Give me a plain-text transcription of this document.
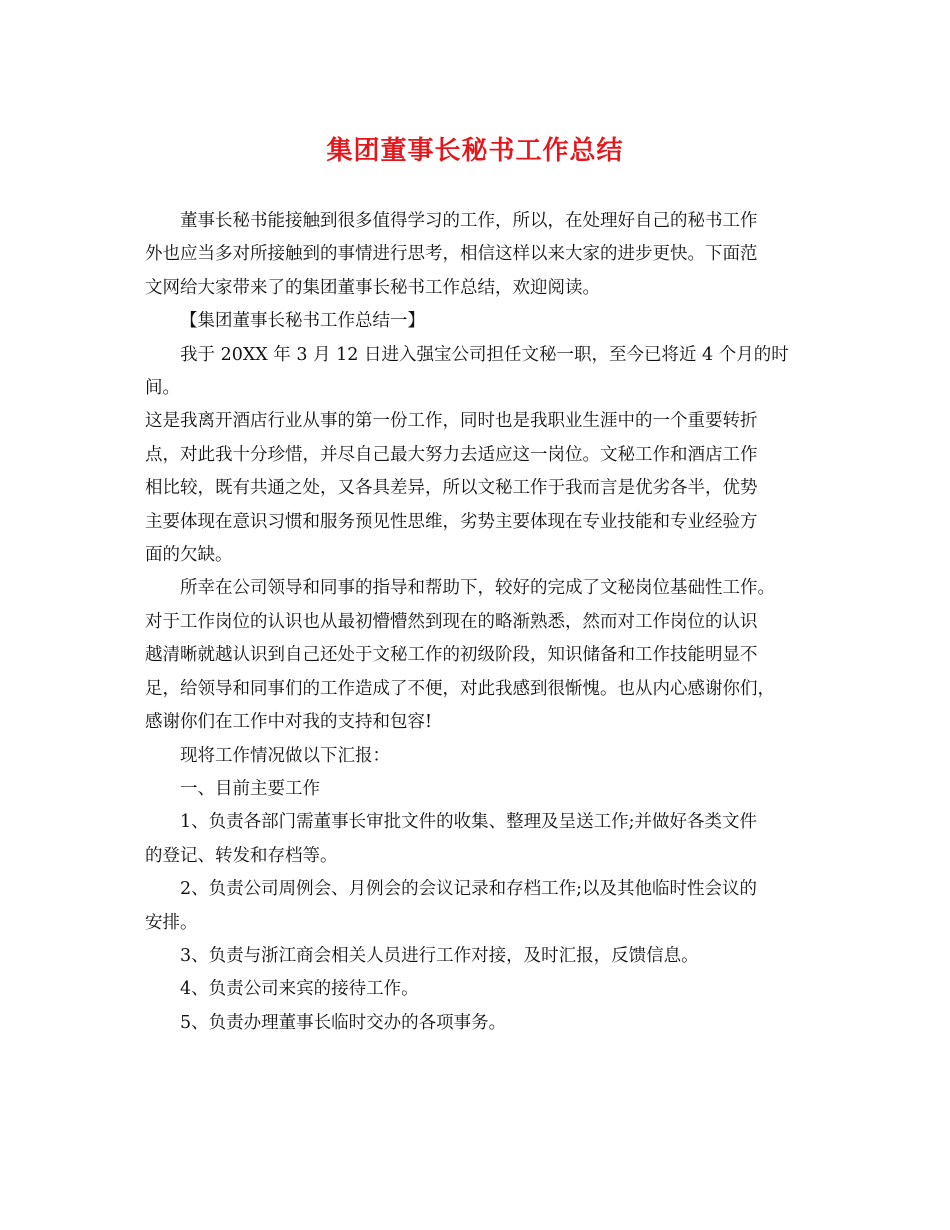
集团董事长秘书工作总结

董事长秘书能接触到很多值得学习的工作，所以，在处理好自己的秘书工作
外也应当多对所接触到的事情进行思考，相信这样以来大家的进步更快。下面范
文网给大家带来了的集团董事长秘书工作总结，欢迎阅读。

【集团董事长秘书工作总结一】

我于 20XX 年 3 月 12 日进入强宝公司担任文秘一职，至今已将近 4 个月的时间。
这是我离开酒店行业从事的第一份工作，同时也是我职业生涯中的一个重要转折
点，对此我十分珍惜，并尽自己最大努力去适应这一岗位。文秘工作和酒店工作
相比较，既有共通之处，又各具差异，所以文秘工作于我而言是优劣各半，优势
主要体现在意识习惯和服务预见性思维，劣势主要体现在专业技能和专业经验方
面的欠缺。

所幸在公司领导和同事的指导和帮助下，较好的完成了文秘岗位基础性工作。
对于工作岗位的认识也从最初懵懵然到现在的略渐熟悉，然而对工作岗位的认识
越清晰就越认识到自己还处于文秘工作的初级阶段，知识储备和工作技能明显不
足，给领导和同事们的工作造成了不便，对此我感到很惭愧。也从内心感谢你们，
感谢你们在工作中对我的支持和包容!

现将工作情况做以下汇报：

一、目前主要工作

1、负责各部门需董事长审批文件的收集、整理及呈送工作;并做好各类文件
的登记、转发和存档等。

2、负责公司周例会、月例会的会议记录和存档工作;以及其他临时性会议的
安排。

3、负责与浙江商会相关人员进行工作对接，及时汇报，反馈信息。

4、负责公司来宾的接待工作。

5、负责办理董事长临时交办的各项事务。
